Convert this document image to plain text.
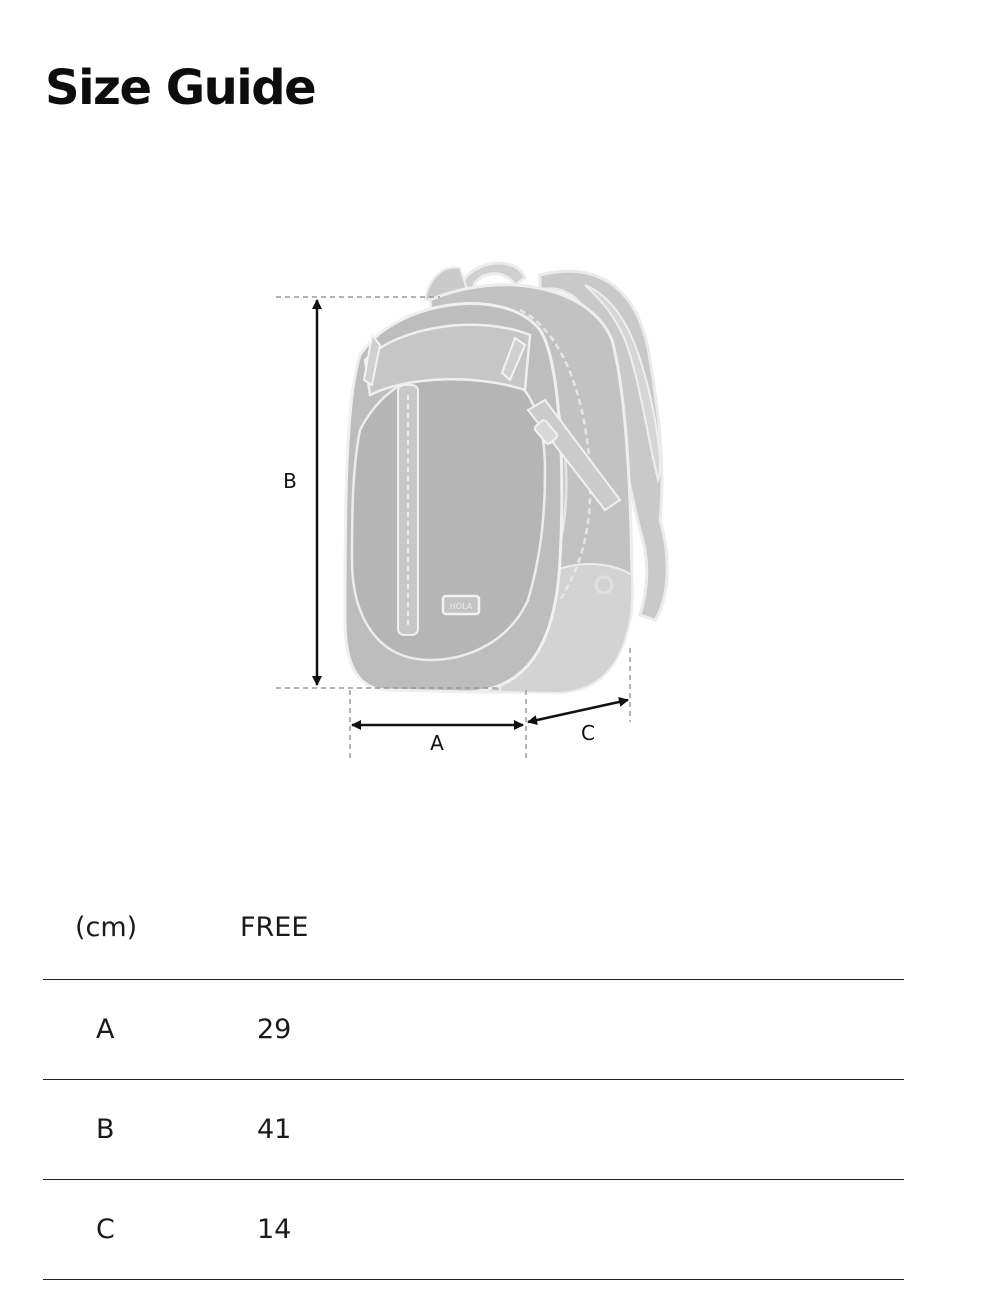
Size Guide
HOLA
B
A	C
(cm)	FREE
A	29
B	41
C	14
